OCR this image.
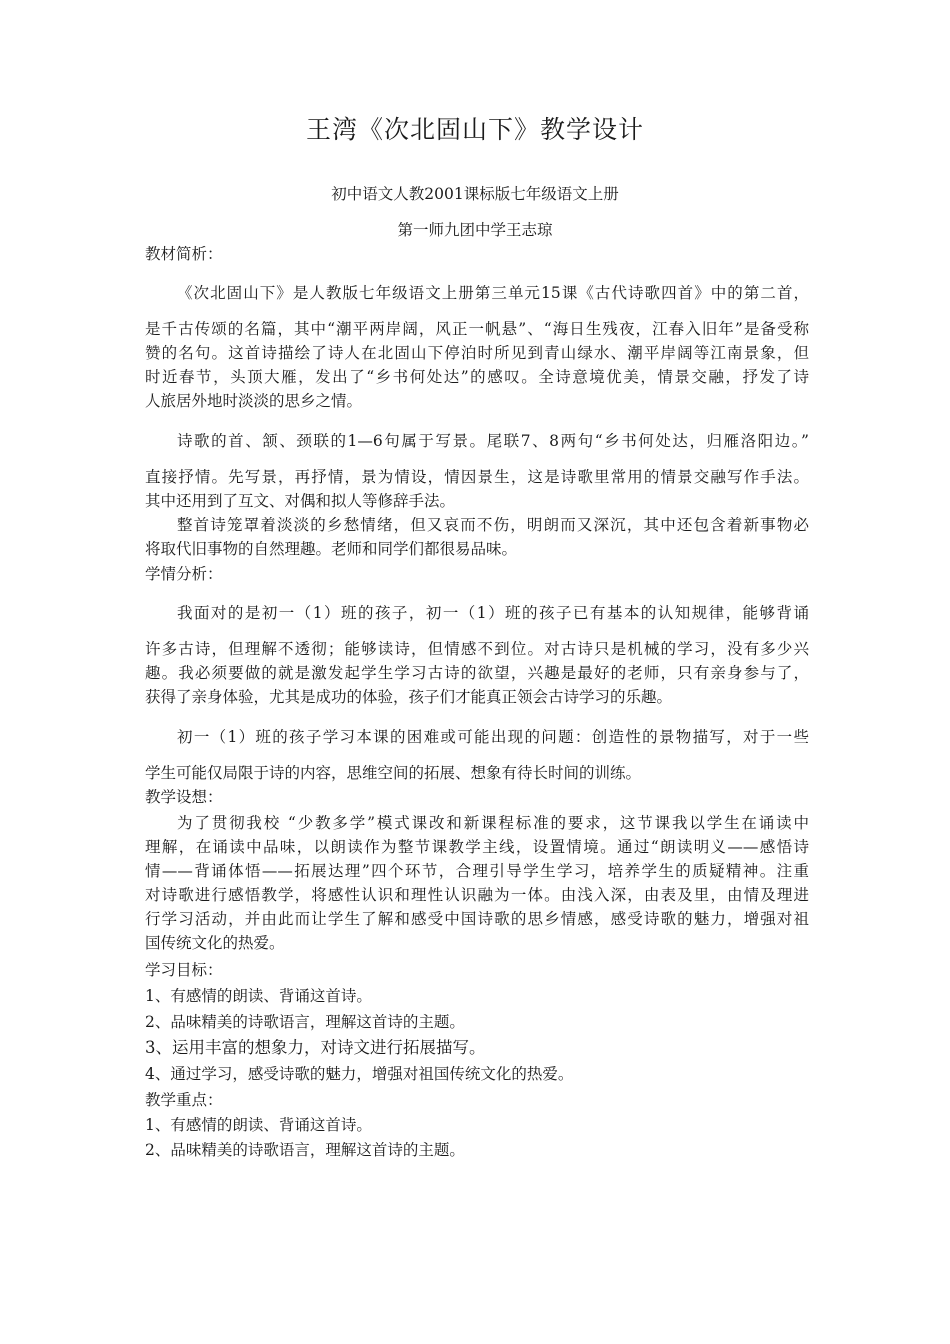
王湾《次北固山下》教学设计
初中语文人教2001课标版七年级语文上册
第一师九团中学王志琼
教材简析：
《次北固山下》是人教版七年级语文上册第三单元15课《古代诗歌四首》中的第二首，
是千古传颂的名篇，其中“潮平两岸阔，风正一帆悬”、“海日生残夜，江春入旧年”是备受称
赞的名句。这首诗描绘了诗人在北固山下停泊时所见到青山绿水、潮平岸阔等江南景象，但
时近春节，头顶大雁，发出了“乡书何处达”的感叹。全诗意境优美，情景交融，抒发了诗
人旅居外地时淡淡的思乡之情。
诗歌的首、颔、颈联的1—6句属于写景。尾联7、8两句“乡书何处达，归雁洛阳边。”
直接抒情。先写景，再抒情，景为情设，情因景生，这是诗歌里常用的情景交融写作手法。
其中还用到了互文、对偶和拟人等修辞手法。
整首诗笼罩着淡淡的乡愁情绪，但又哀而不伤，明朗而又深沉，其中还包含着新事物必
将取代旧事物的自然理趣。老师和同学们都很易品味。
学情分析：
我面对的是初一（1）班的孩子，初一（1）班的孩子已有基本的认知规律，能够背诵
许多古诗，但理解不透彻；能够读诗，但情感不到位。对古诗只是机械的学习，没有多少兴
趣。我必须要做的就是激发起学生学习古诗的欲望，兴趣是最好的老师，只有亲身参与了，
获得了亲身体验，尤其是成功的体验，孩子们才能真正领会古诗学习的乐趣。
初一（1）班的孩子学习本课的困难或可能出现的问题：创造性的景物描写，对于一些
学生可能仅局限于诗的内容，思维空间的拓展、想象有待长时间的训练。
教学设想：
为了贯彻我校 “少教多学”模式课改和新课程标准的要求，这节课我以学生在诵读中
理解，在诵读中品味，以朗读作为整节课教学主线，设置情境。通过“朗读明义——感悟诗
情——背诵体悟——拓展达理”四个环节，合理引导学生学习，培养学生的质疑精神。注重
对诗歌进行感悟教学，将感性认识和理性认识融为一体。由浅入深，由表及里，由情及理进
行学习活动，并由此而让学生了解和感受中国诗歌的思乡情感，感受诗歌的魅力，增强对祖
国传统文化的热爱。
学习目标：
1、有感情的朗读、背诵这首诗。
2、品味精美的诗歌语言，理解这首诗的主题。
3、运用丰富的想象力，对诗文进行拓展描写。
4、通过学习，感受诗歌的魅力，增强对祖国传统文化的热爱。
教学重点：
1、有感情的朗读、背诵这首诗。
2、品味精美的诗歌语言，理解这首诗的主题。
